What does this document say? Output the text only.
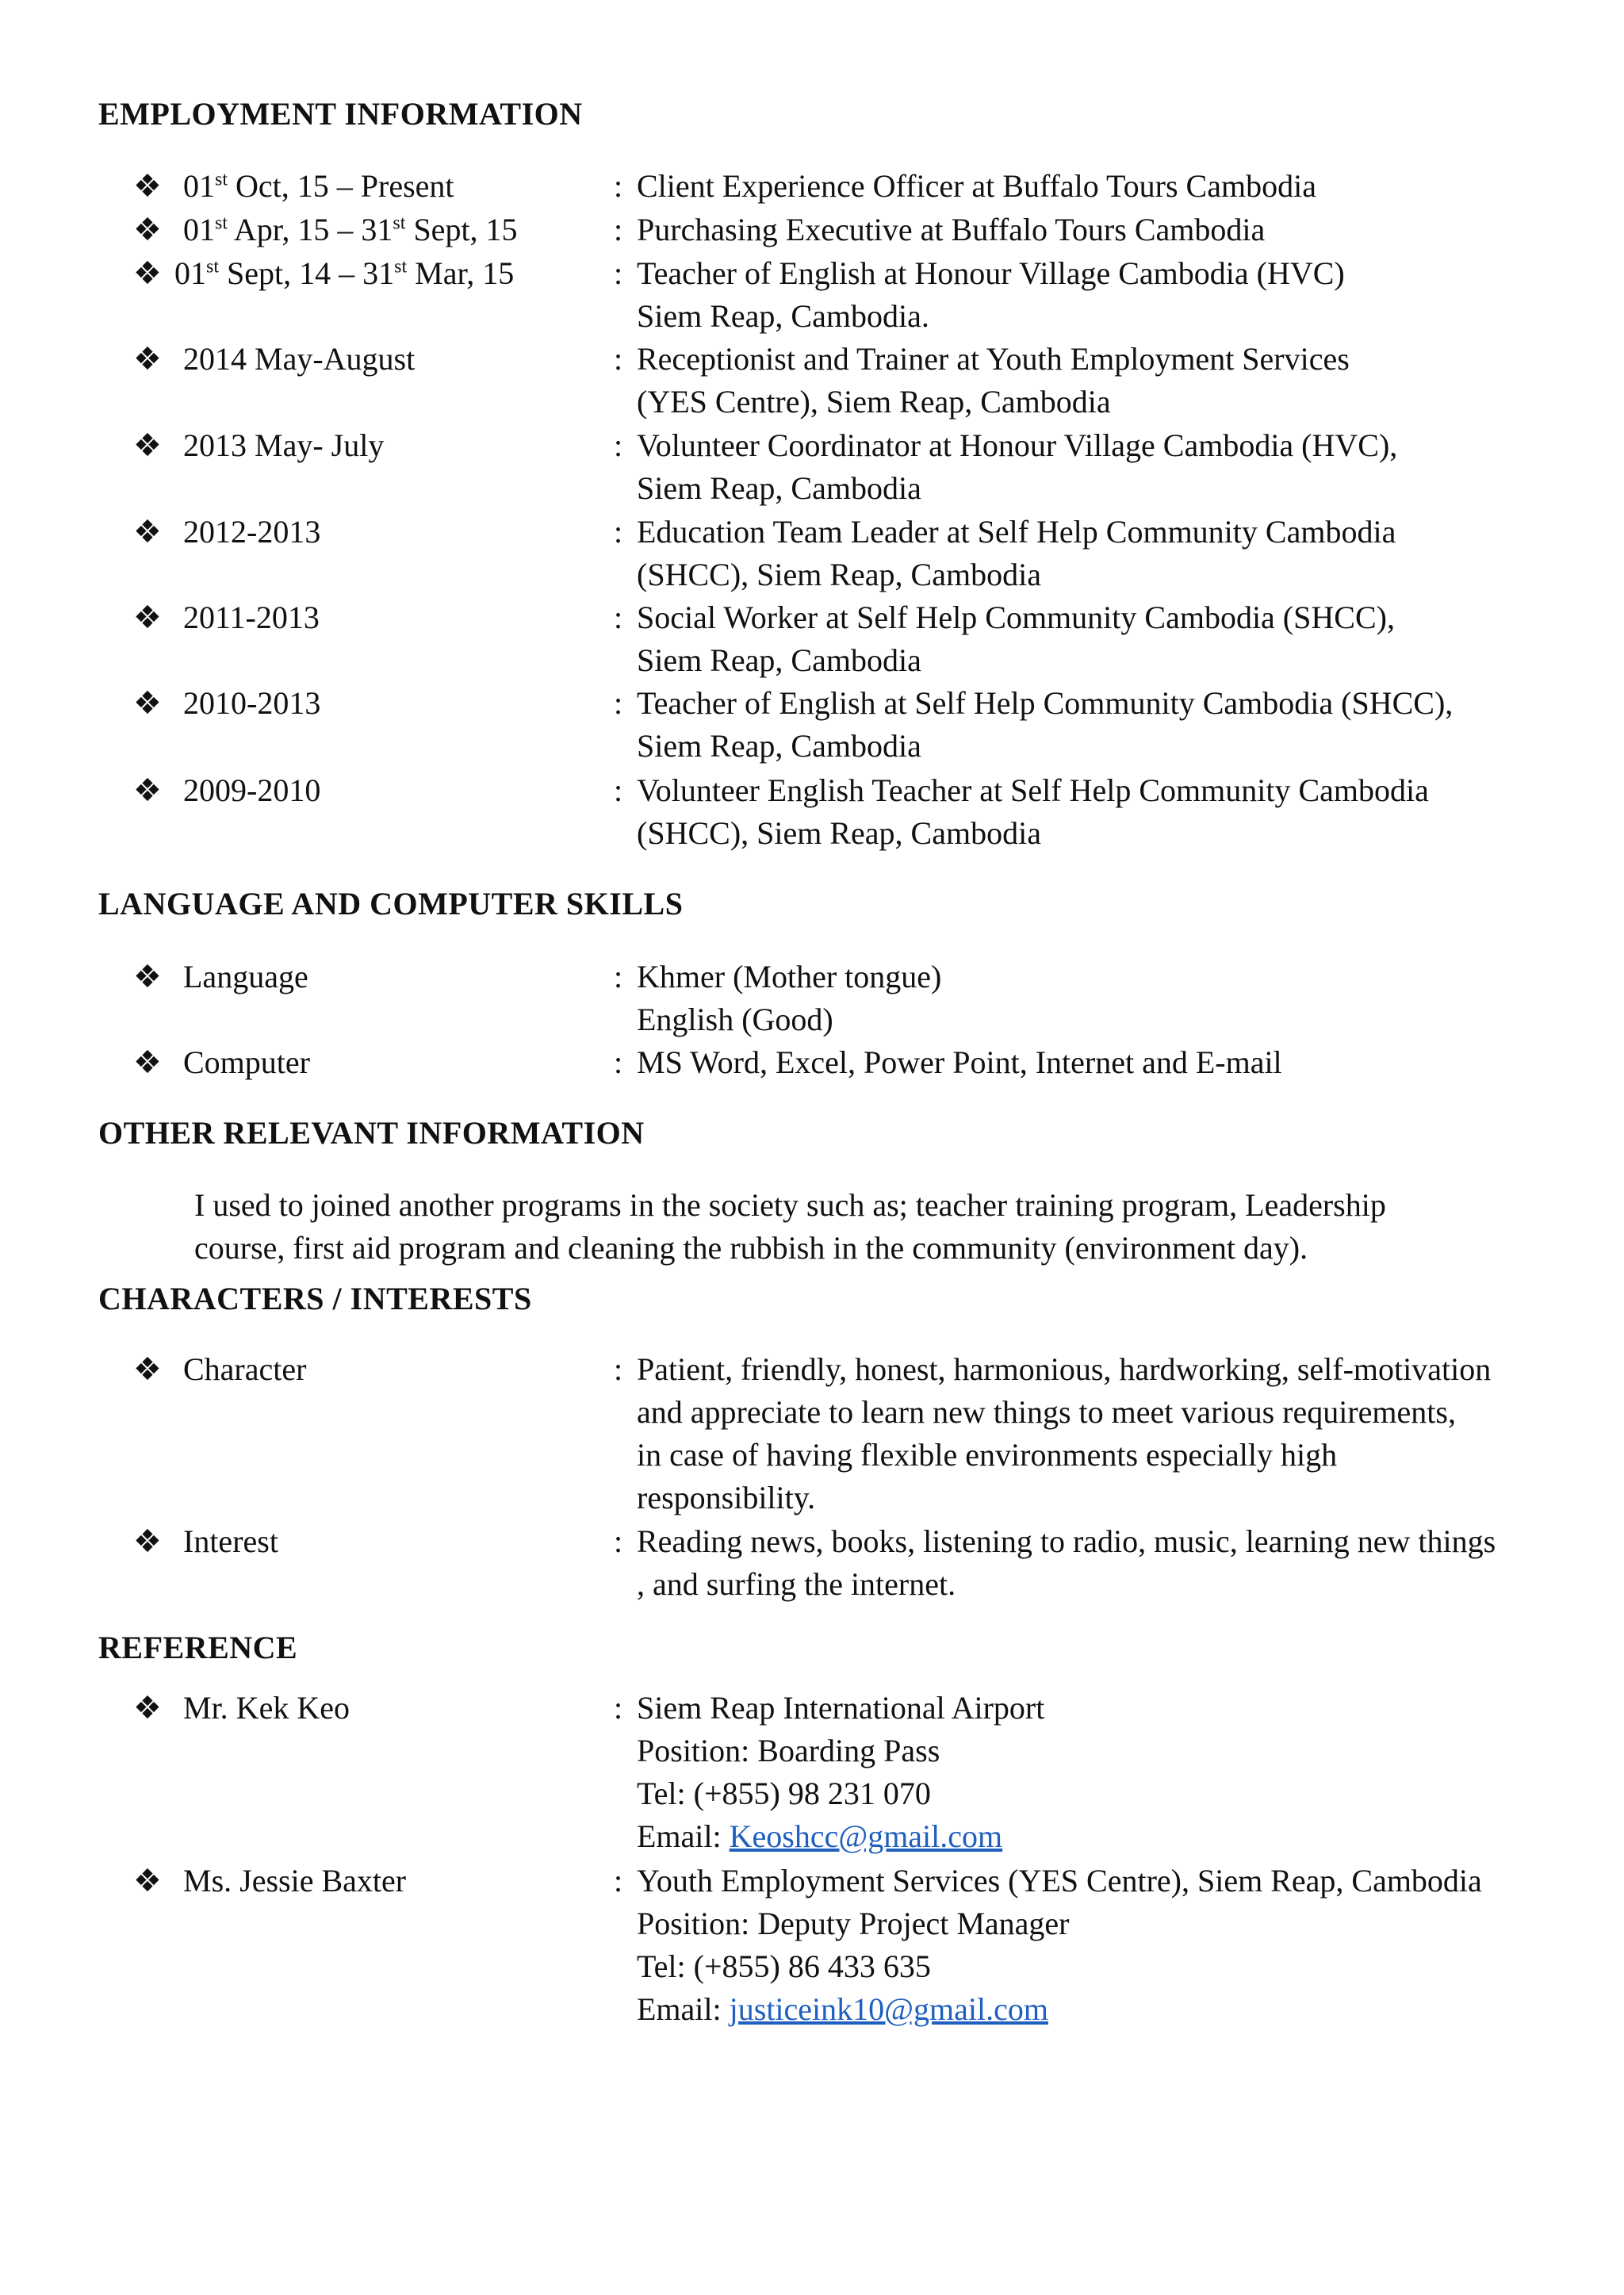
EMPLOYMENT INFORMATION
❖ 01st Oct, 15 – Present	: Client Experience Officer at Buffalo Tours Cambodia
❖ 01st Apr, 15 – 31st Sept, 15	: Purchasing Executive at Buffalo Tours Cambodia
❖ 01st Sept, 14 – 31st Mar, 15	: Teacher of English at Honour Village Cambodia (HVC)
Siem Reap, Cambodia.
❖ 2014 May-August	: Receptionist and Trainer at Youth Employment Services
(YES Centre), Siem Reap, Cambodia
❖ 2013 May- July	: Volunteer Coordinator at Honour Village Cambodia (HVC),
Siem Reap, Cambodia
❖ 2012-2013	: Education Team Leader at Self Help Community Cambodia
(SHCC), Siem Reap, Cambodia
❖ 2011-2013	: Social Worker at Self Help Community Cambodia (SHCC),
Siem Reap, Cambodia
❖ 2010-2013	: Teacher of English at Self Help Community Cambodia (SHCC),
Siem Reap, Cambodia
❖ 2009-2010	: Volunteer English Teacher at Self Help Community Cambodia
(SHCC), Siem Reap, Cambodia
LANGUAGE AND COMPUTER SKILLS
❖ Language	: Khmer (Mother tongue)
English (Good)
❖ Computer	: MS Word, Excel, Power Point, Internet and E-mail
OTHER RELEVANT INFORMATION
I used to joined another programs in the society such as; teacher training program, Leadership
course, first aid program and cleaning the rubbish in the community (environment day).
CHARACTERS / INTERESTS
❖ Character	: Patient, friendly, honest, harmonious, hardworking, self-motivation
and appreciate to learn new things to meet various requirements,
in case of having flexible environments especially high
responsibility.
❖ Interest	: Reading news, books, listening to radio, music, learning new things
, and surfing the internet.
REFERENCE
❖ Mr. Kek Keo	: Siem Reap International Airport
Position: Boarding Pass
Tel: (+855) 98 231 070
Email: Keoshcc@gmail.com
❖ Ms. Jessie Baxter	: Youth Employment Services (YES Centre), Siem Reap, Cambodia
Position: Deputy Project Manager
Tel: (+855) 86 433 635
Email: justiceink10@gmail.com
